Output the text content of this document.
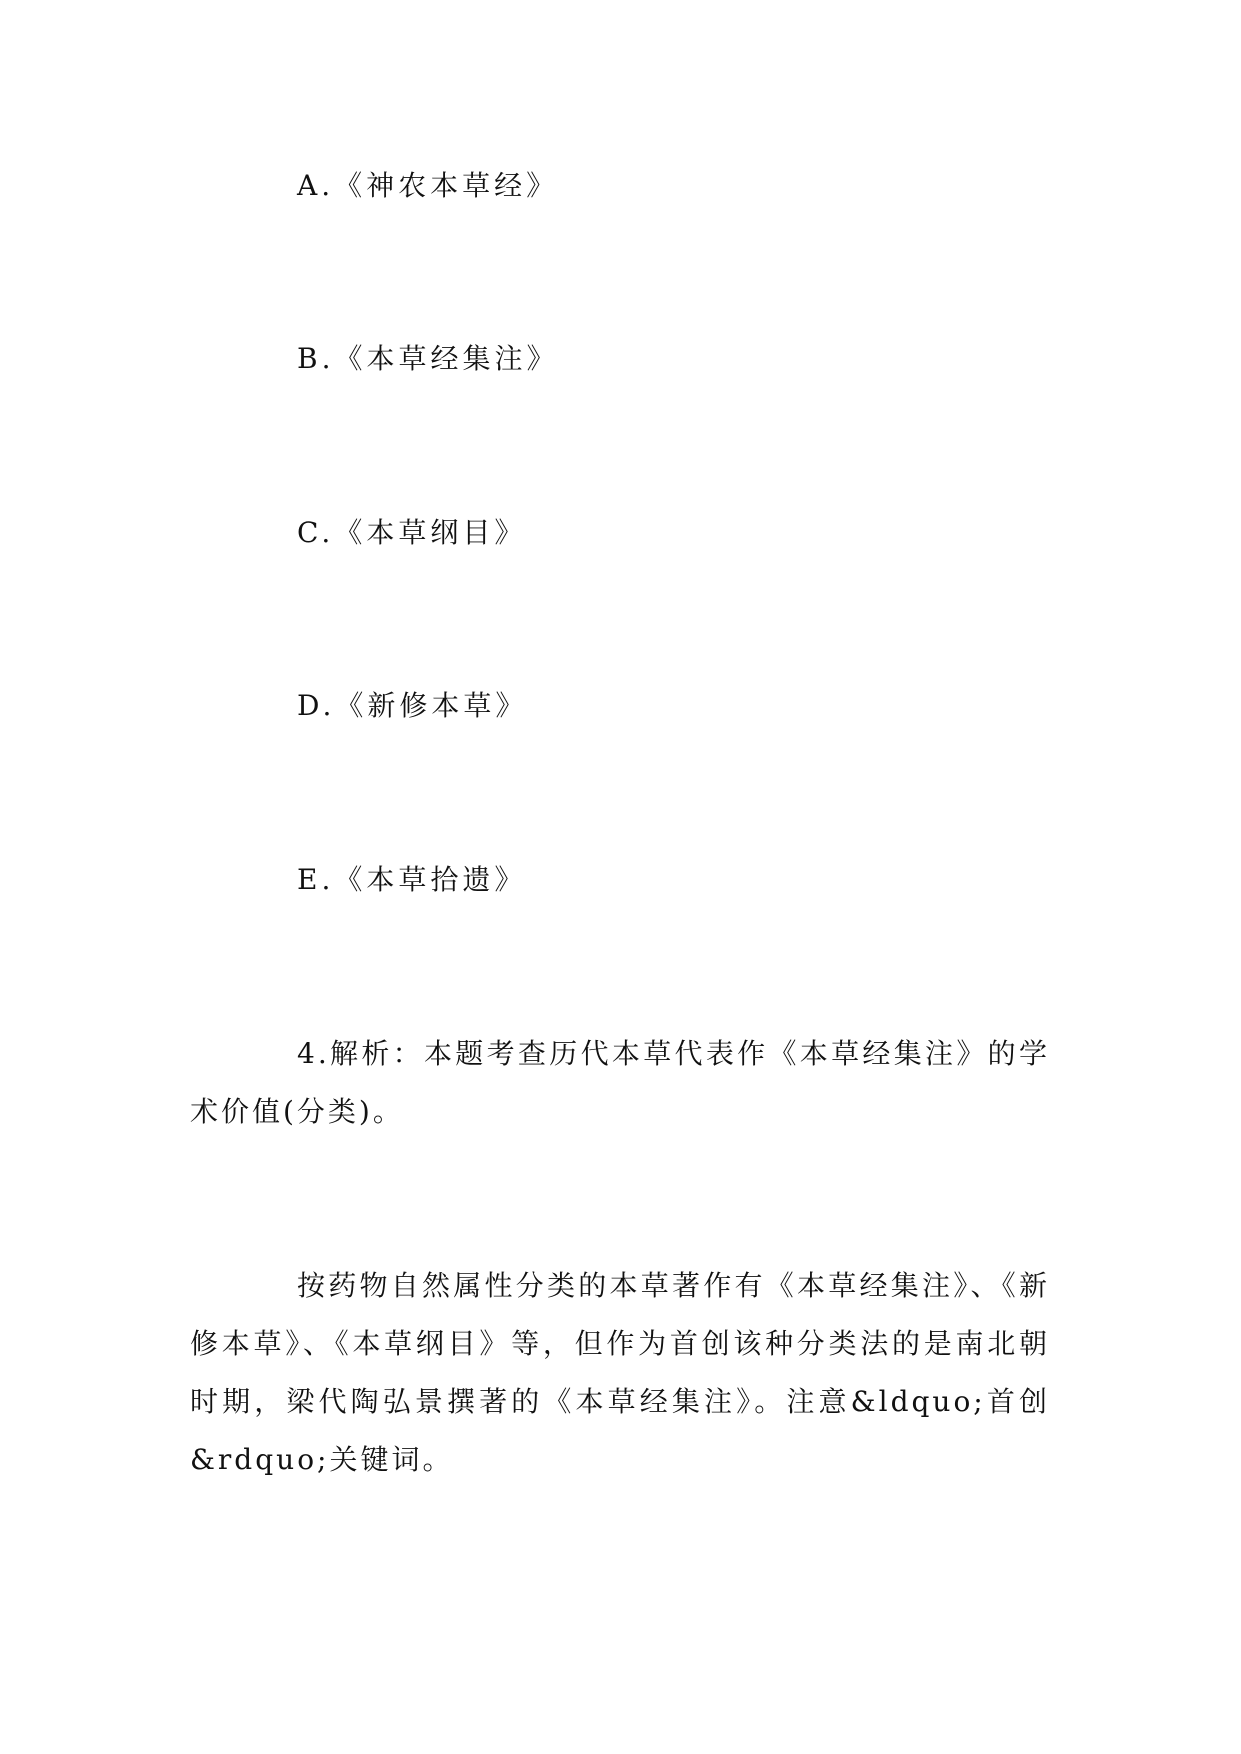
A.《神农本草经》
B.《本草经集注》
C.《本草纲目》
D.《新修本草》
E.《本草拾遗》

4.解析：本题考查历代本草代表作《本草经集注》的学术价值(分类)。

按药物自然属性分类的本草著作有《本草经集注》、《新修本草》、《本草纲目》等，但作为首创该种分类法的是南北朝时期，梁代陶弘景撰著的《本草经集注》。注意&ldquo;首创&rdquo;关键词。
